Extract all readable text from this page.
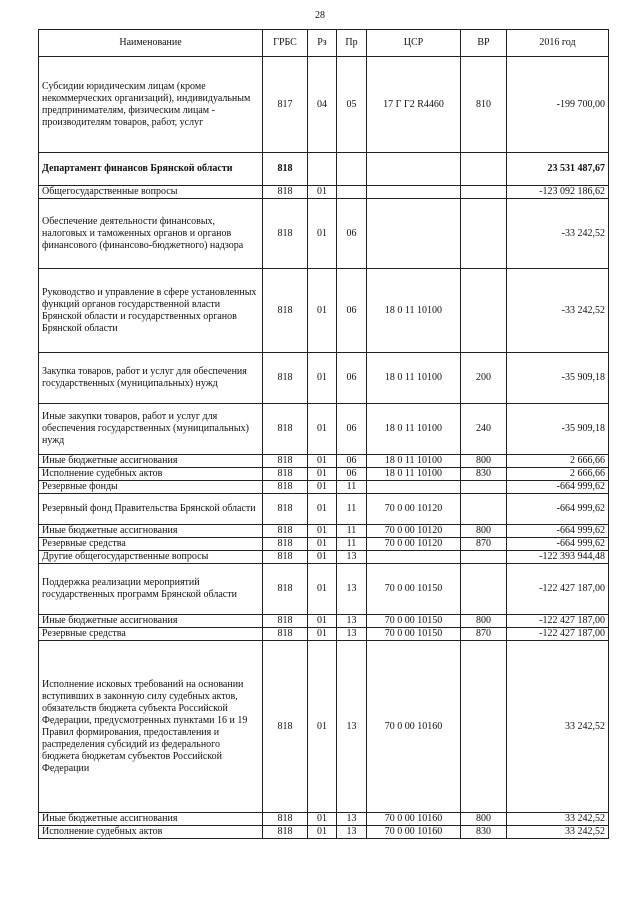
28
Наименование	ГРБС	Рз	Пр	ЦСР	ВР	2016 год
Субсидии юридическим лицам (кроме некоммерческих организаций), индивидуальным предпринимателям, физическим лицам - производителям товаров, работ, услуг	817	04	05	17 Г Г2 R4460	810	-199 700,00
Департамент финансов Брянской области	818					23 531 487,67
Общегосударственные вопросы	818	01				-123 092 186,62
Обеспечение деятельности финансовых, налоговых и таможенных органов и органов финансового (финансово-бюджетного) надзора	818	01	06			-33 242,52
Руководство и управление в сфере установленных функций органов государственной власти Брянской области и государственных органов Брянской области	818	01	06	18 0 11 10100		-33 242,52
Закупка товаров, работ и услуг для обеспечения государственных (муниципальных) нужд	818	01	06	18 0 11 10100	200	-35 909,18
Иные закупки товаров, работ и услуг для обеспечения государственных (муниципальных) нужд	818	01	06	18 0 11 10100	240	-35 909,18
Иные бюджетные ассигнования	818	01	06	18 0 11 10100	800	2 666,66
Исполнение судебных актов	818	01	06	18 0 11 10100	830	2 666,66
Резервные фонды	818	01	11			-664 999,62
Резервный фонд Правительства Брянской области	818	01	11	70 0 00 10120		-664 999,62
Иные бюджетные ассигнования	818	01	11	70 0 00 10120	800	-664 999,62
Резервные средства	818	01	11	70 0 00 10120	870	-664 999,62
Другие общегосударственные вопросы	818	01	13			-122 393 944,48
Поддержка реализации мероприятий государственных программ Брянской области	818	01	13	70 0 00 10150		-122 427 187,00
Иные бюджетные ассигнования	818	01	13	70 0 00 10150	800	-122 427 187,00
Резервные средства	818	01	13	70 0 00 10150	870	-122 427 187,00
Исполнение исковых требований на основании вступивших в законную силу судебных актов, обязательств бюджета субъекта Российской Федерации, предусмотренных пунктами 16 и 19 Правил формирования, предоставления и распределения субсидий из федерального бюджета бюджетам субъектов Российской Федерации	818	01	13	70 0 00 10160		33 242,52
Иные бюджетные ассигнования	818	01	13	70 0 00 10160	800	33 242,52
Исполнение судебных актов	818	01	13	70 0 00 10160	830	33 242,52
